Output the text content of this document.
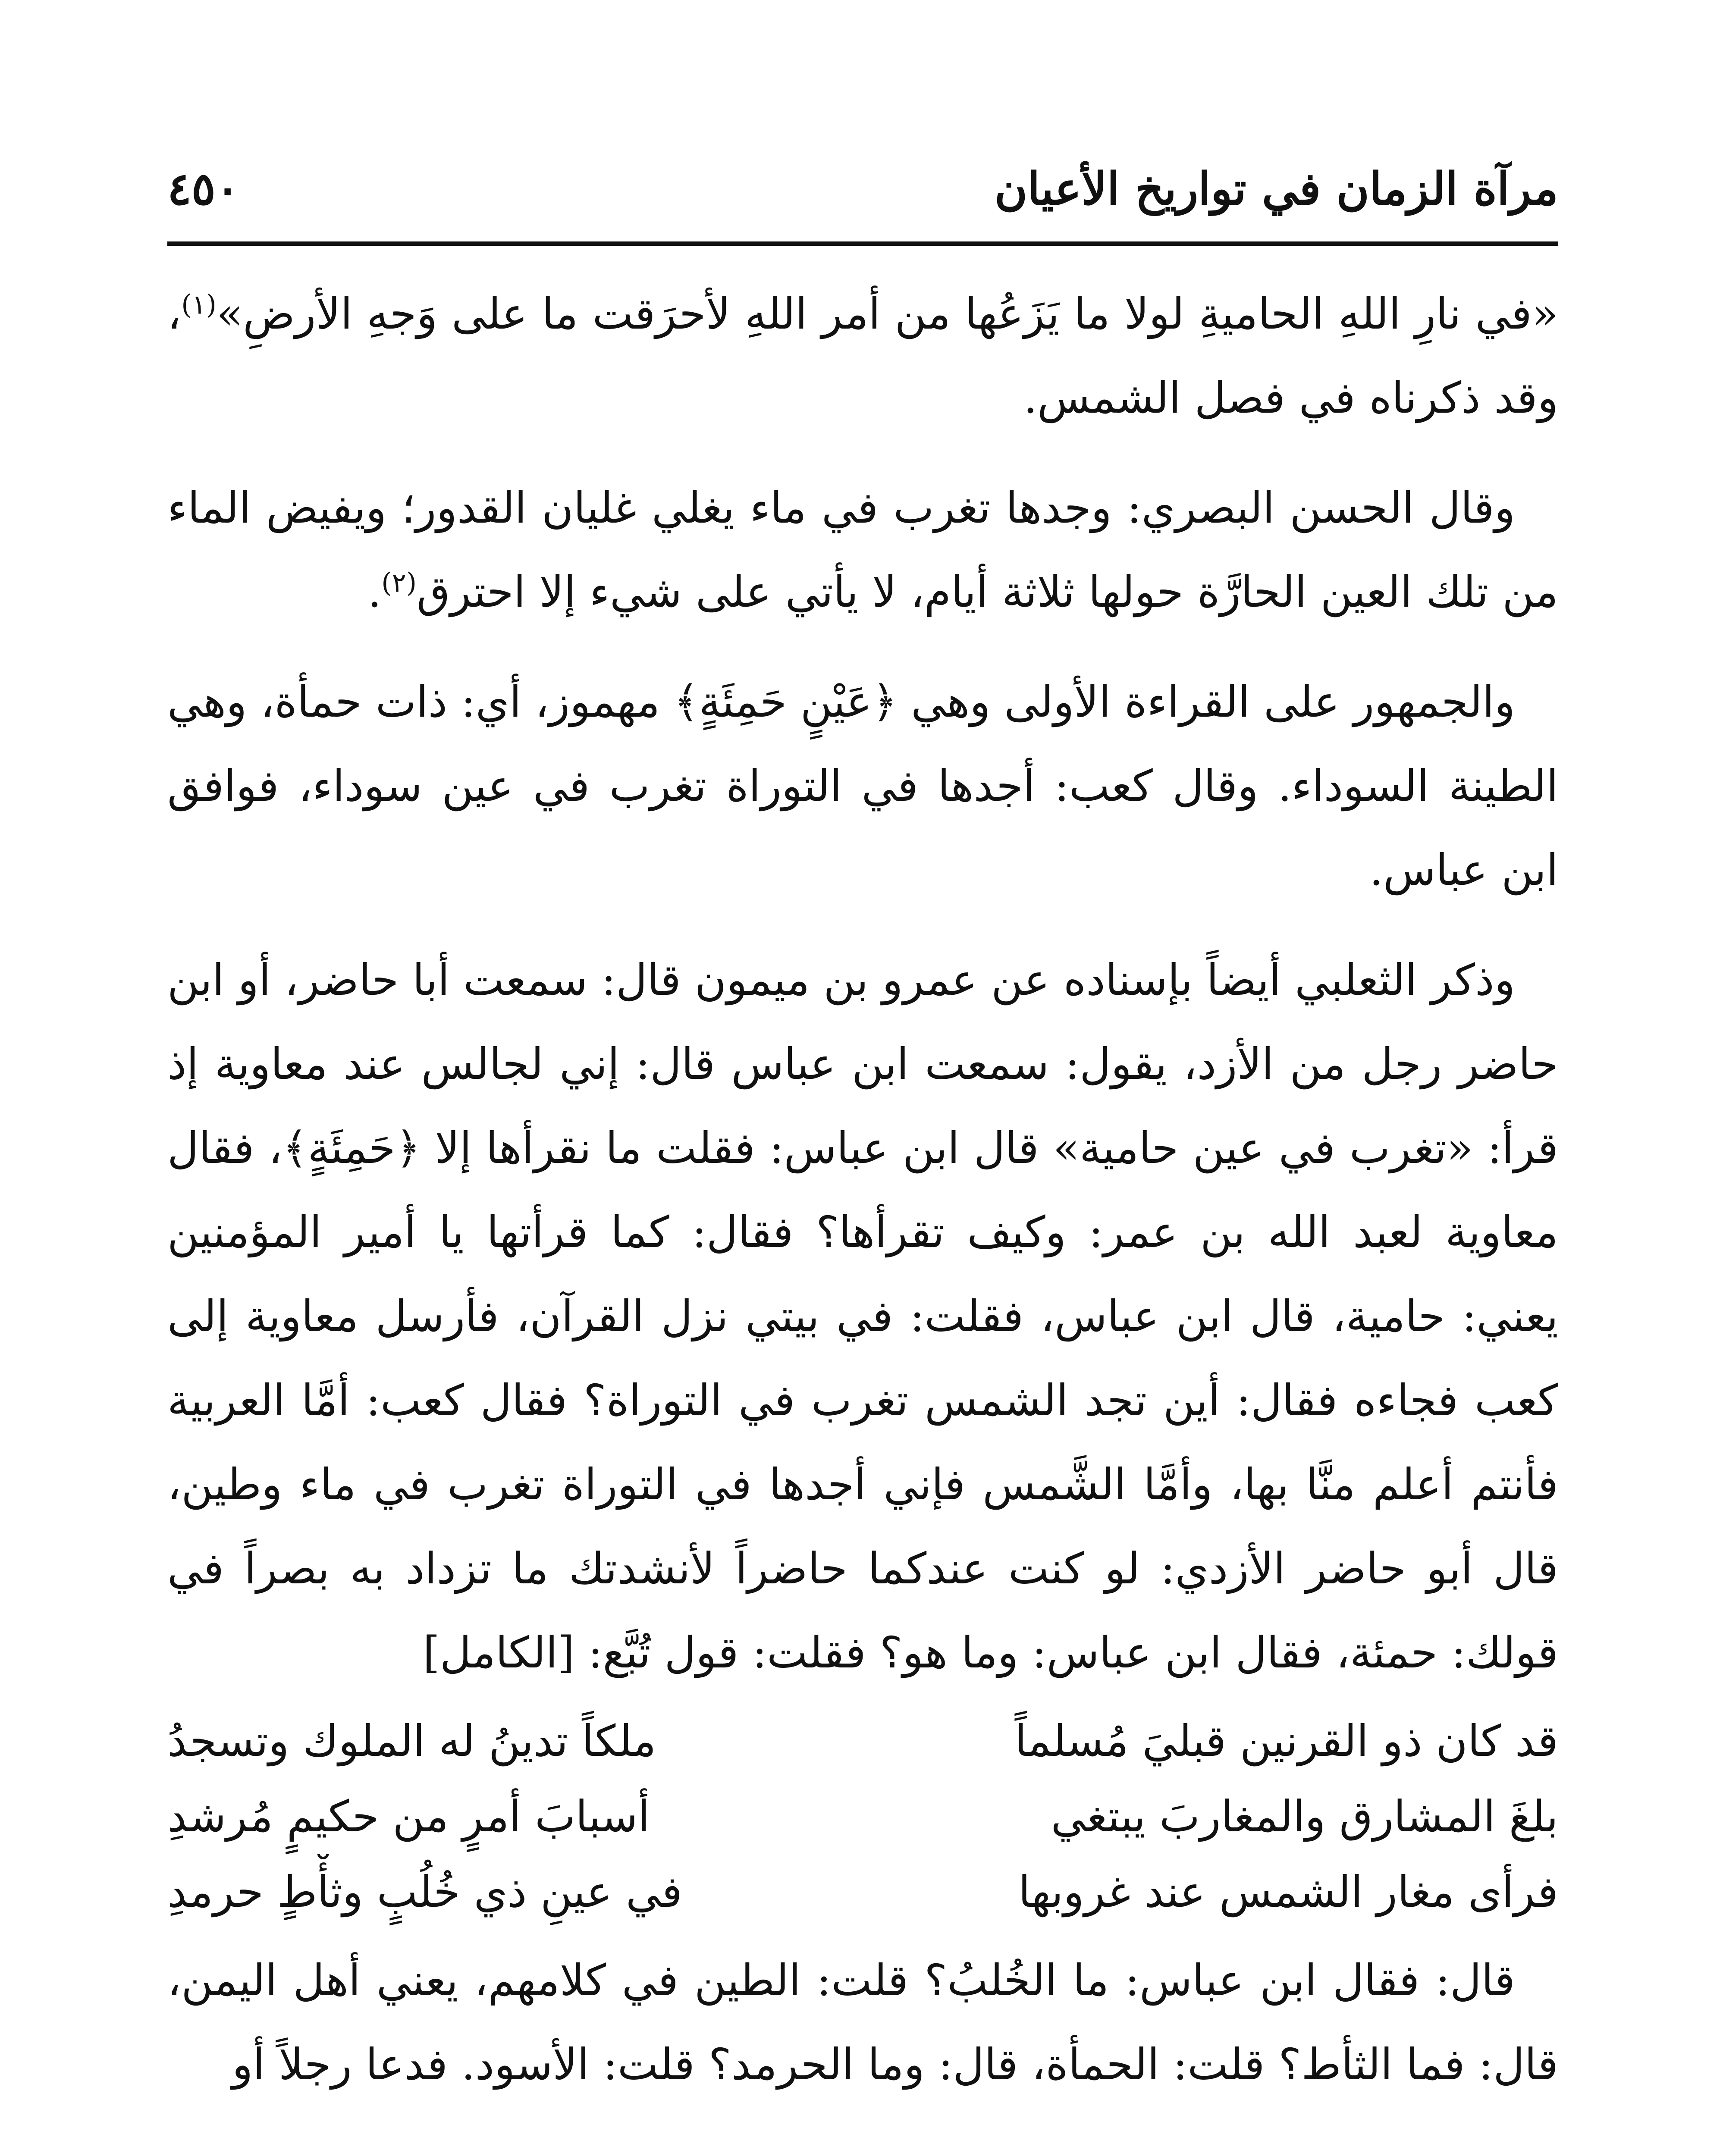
مرآة الزمان في تواريخ الأعيان
٤٥٠

«في نارِ اللهِ الحاميةِ لولا ما يَزَعُها من أمر اللهِ لأحرَقت ما على وَجهِ الأرضِ»$^{(١)}$، وقد ذكرناه في فصل الشمس.

وقال الحسن البصري: وجدها تغرب في ماء يغلي غليان القدور؛ ويفيض الماء من تلك العين الحارَّة حولها ثلاثة أيام، لا يأتي على شيء إلا احترق$^{(٢)}$.

والجمهور على القراءة الأولى وهي ﴿عَيْنٍ حَمِئَةٍ﴾ مهموز، أي: ذات حمأة، وهي الطينة السوداء. وقال كعب: أجدها في التوراة تغرب في عين سوداء، فوافق ابن عباس.

وذكر الثعلبي أيضاً بإسناده عن عمرو بن ميمون قال: سمعت أبا حاضر، أو ابن حاضر رجل من الأزد، يقول: سمعت ابن عباس قال: إني لجالس عند معاوية إذ قرأ: «تغرب في عين حامية» قال ابن عباس: فقلت ما نقرأها إلا ﴿حَمِئَةٍ﴾، فقال معاوية لعبد الله بن عمر: وكيف تقرأها؟ فقال: كما قرأتها يا أمير المؤمنين يعني: حامية، قال ابن عباس، فقلت: في بيتي نزل القرآن، فأرسل معاوية إلى كعب فجاءه فقال: أين تجد الشمس تغرب في التوراة؟ فقال كعب: أمَّا العربية فأنتم أعلم منَّا بها، وأمَّا الشَّمس فإني أجدها في التوراة تغرب في ماء وطين، قال أبو حاضر الأزدي: لو كنت عندكما حاضراً لأنشدتك ما تزداد به بصراً في قولك: حمئة، فقال ابن عباس: وما هو؟ فقلت: قول تُبَّع: [الكامل]

قد كان ذو القرنين قبليَ مُسلماً
ملكاً تدينُ له الملوك وتسجدُ
بلغَ المشارق والمغاربَ يبتغي
أسبابَ أمرٍ من حكيمٍ مُرشدِ
فرأى مغار الشمس عند غروبها
في عينِ ذي خُلُبٍ وثأْطٍ حرمدِ

قال: فقال ابن عباس: ما الخُلبُ؟ قلت: الطين في كلامهم، يعني أهل اليمن، قال: فما الثأط؟ قلت: الحمأة، قال: وما الحرمد؟ قلت: الأسود. فدعا رجلاً أو
